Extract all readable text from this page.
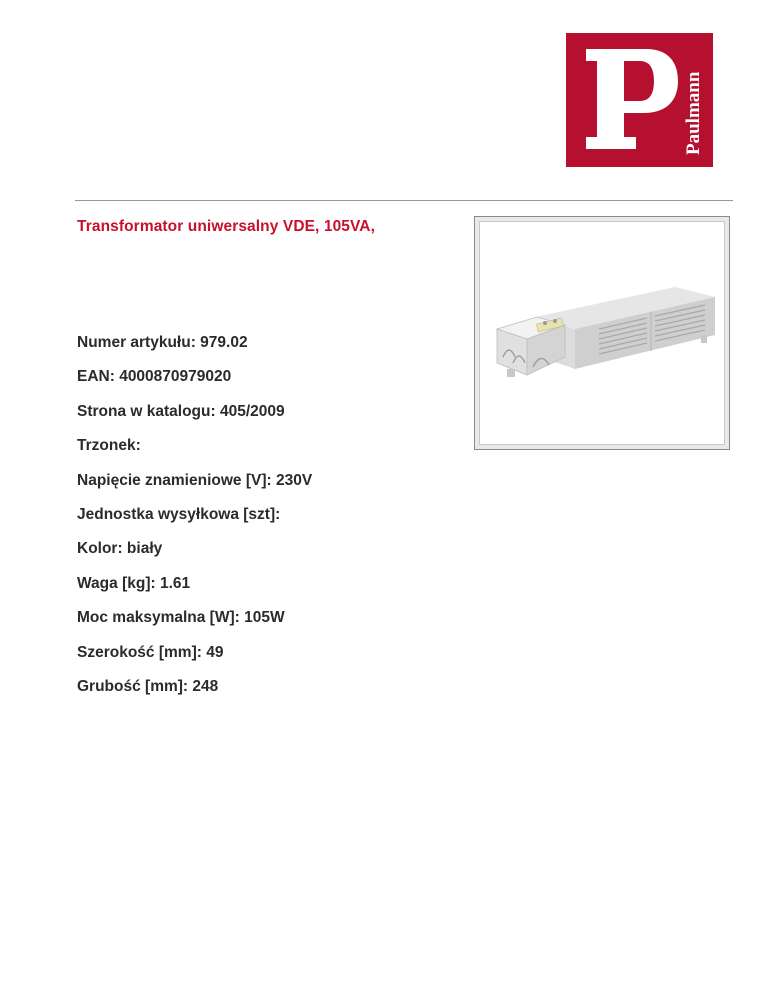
Paulmann
Transformator uniwersalny VDE, 105VA,
Numer artykułu: 979.02
EAN: 4000870979020
Strona w katalogu: 405/2009
Trzonek:
Napięcie znamieniowe [V]: 230V
Jednostka wysyłkowa [szt]:
Kolor: biały
Waga [kg]: 1.61
Moc maksymalna [W]: 105W
Szerokość [mm]: 49
Grubość [mm]: 248
